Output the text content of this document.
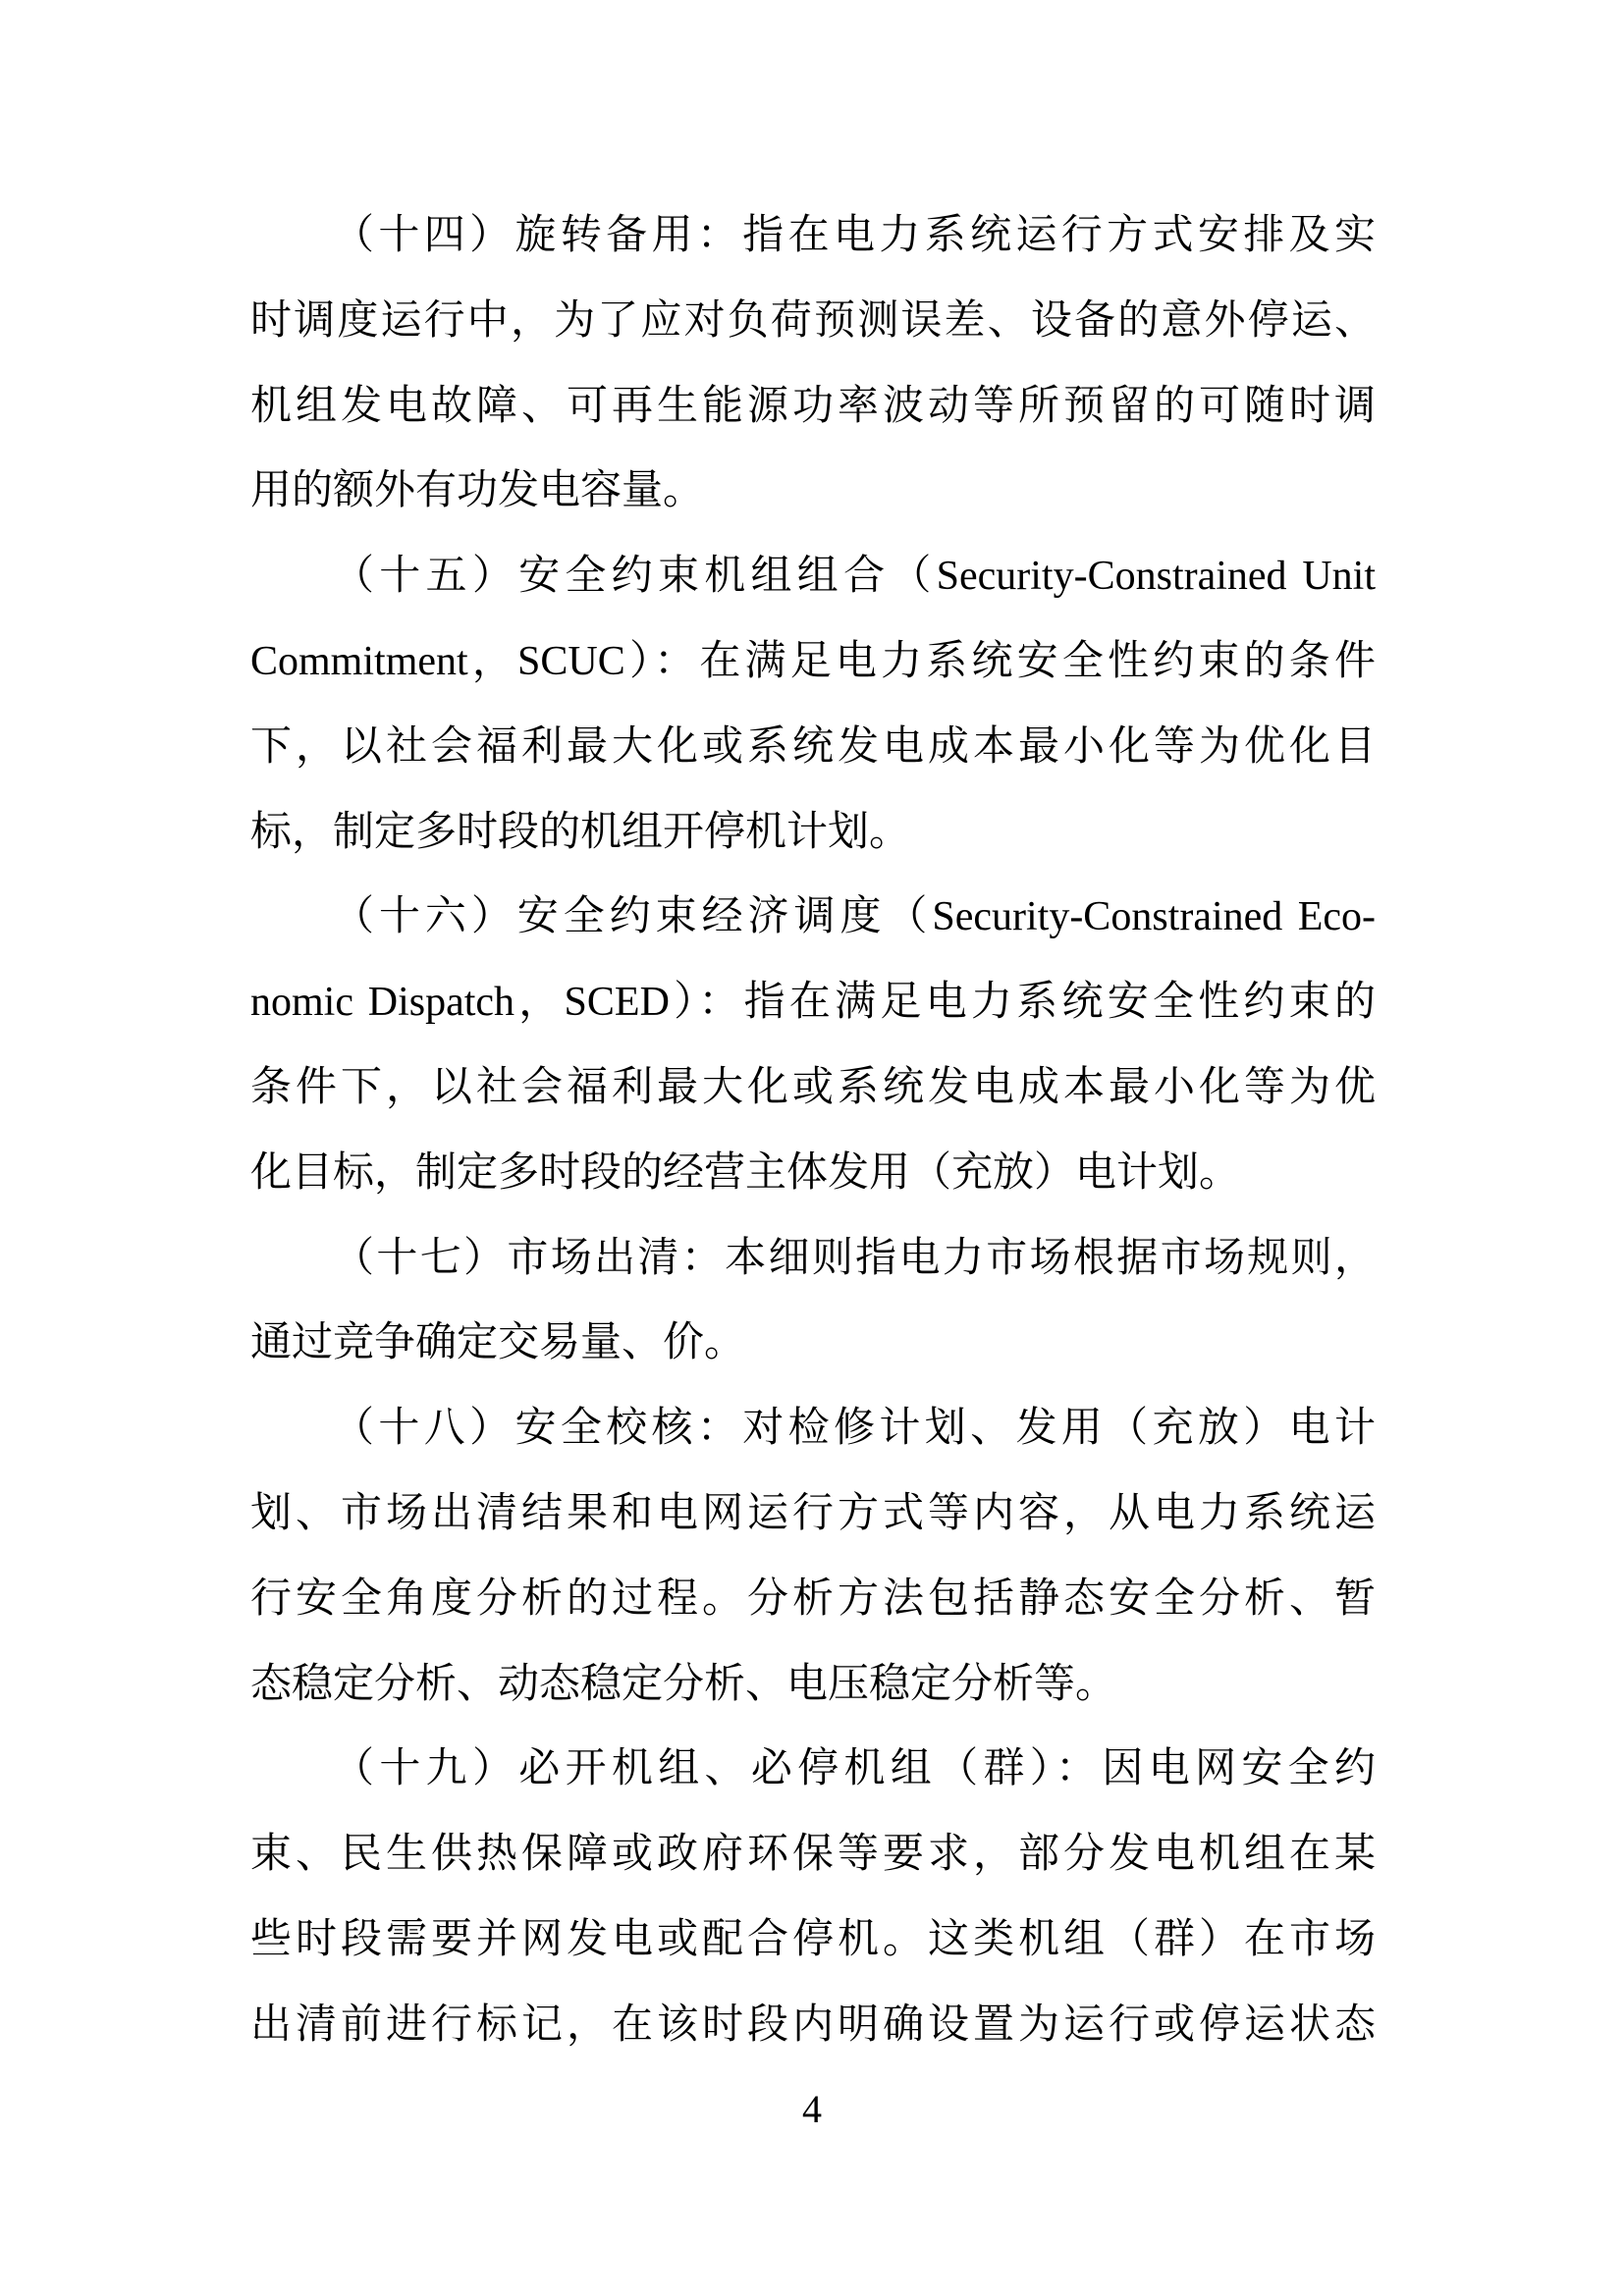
（十四）旋转备用：指在电力系统运行方式安排及实
时调度运行中，为了应对负荷预测误差、设备的意外停运、
机组发电故障、可再生能源功率波动等所预留的可随时调
用的额外有功发电容量。
（十五）安全约束机组组合（Security-Constrained Unit
Commitment，SCUC）：在满足电力系统安全性约束的条件
下，以社会福利最大化或系统发电成本最小化等为优化目
标，制定多时段的机组开停机计划。
（十六）安全约束经济调度（Security-Constrained Eco-
nomic Dispatch，SCED）：指在满足电力系统安全性约束的
条件下，以社会福利最大化或系统发电成本最小化等为优
化目标，制定多时段的经营主体发用（充放）电计划。
（十七）市场出清：本细则指电力市场根据市场规则，
通过竞争确定交易量、价。
（十八）安全校核：对检修计划、发用（充放）电计
划、市场出清结果和电网运行方式等内容，从电力系统运
行安全角度分析的过程。分析方法包括静态安全分析、暂
态稳定分析、动态稳定分析、电压稳定分析等。
（十九）必开机组、必停机组（群）：因电网安全约
束、民生供热保障或政府环保等要求，部分发电机组在某
些时段需要并网发电或配合停机。这类机组（群）在市场
出清前进行标记，在该时段内明确设置为运行或停运状态
4
